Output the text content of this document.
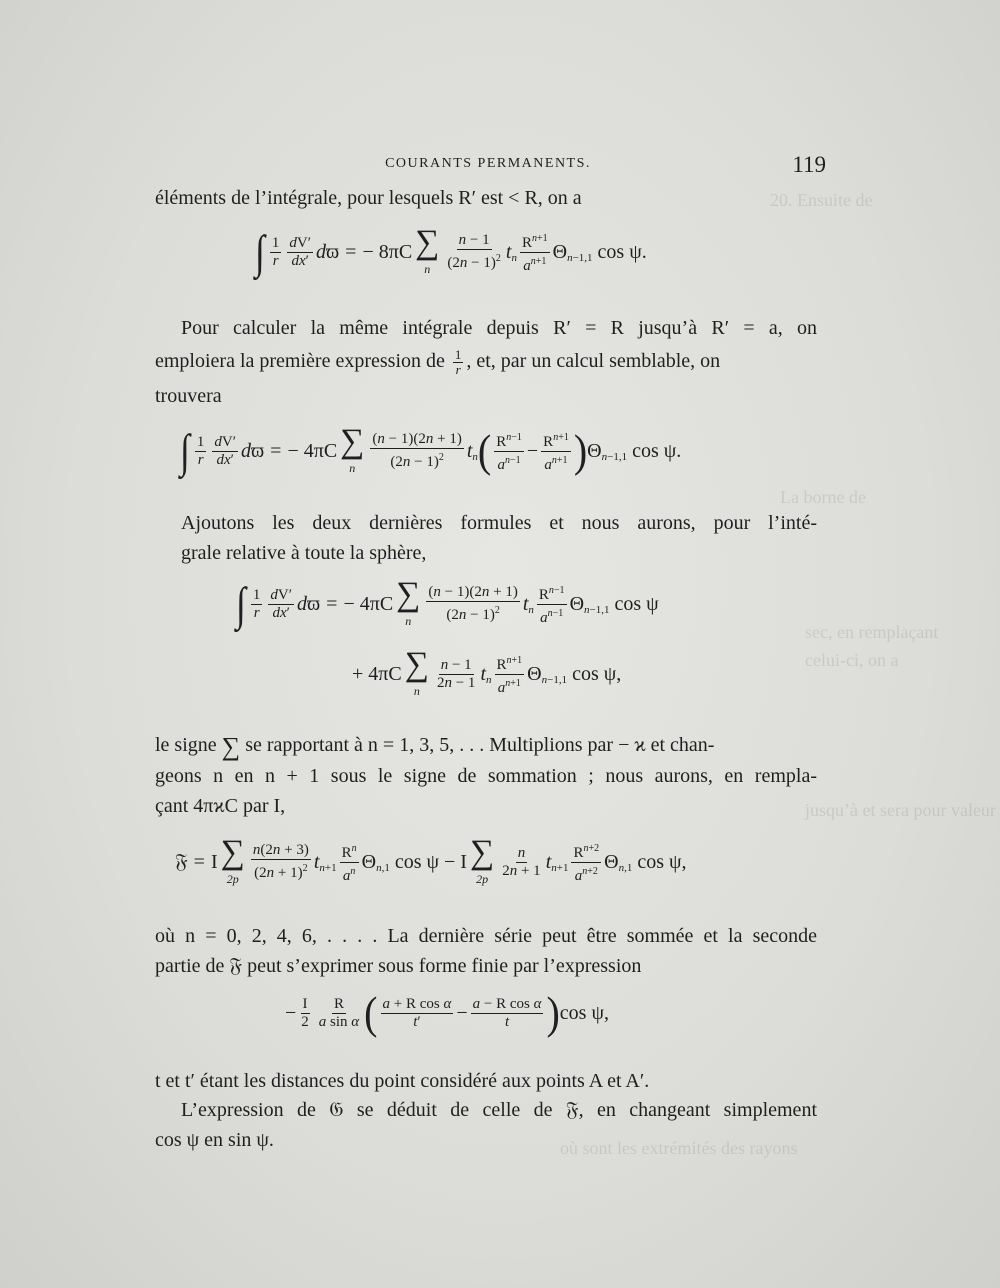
20. Ensuite de
La borne de
sec, en remplaçant
celui-ci, on a
jusqu’à et sera pour valeur
où sont les extrémités des rayons
COURANTS PERMANENTS.	119

éléments de l’intégrale, pour lesquels R′ est < R, on a

∫ $\frac{1}{r} \frac{dV'}{dx'}$ dϖ = − 8πC ∑
n $\frac{n - 1}{(2n - 1)^2} t_n \frac{R^{n+1}}{a^{n+1}} \Theta_{n-1,1}$ cos ψ.

Pour calculer la même intégrale depuis R′ = R jusqu’à R′ = a, on

emploiera la première expression de $\frac{1}{r}$ , et, par un calcul semblable, on

trouvera

∫ $\frac{1}{r} \frac{dV'}{dx'}$ dϖ = − 4πC ∑
n $\frac{(n - 1)(2n + 1)}{(2n - 1)^2} t_n$ ( $\frac{R^{n-1}}{a^{n-1}} - \frac{R^{n+1}}{a^{n+1}}$ ) $\Theta_{n-1,1}$ cos ψ.

Ajoutons les deux dernières formules et nous aurons, pour l’inté-
grale relative à toute la sphère,

∫ $\frac{1}{r} \frac{dV'}{dx'}$ dϖ = − 4πC ∑
n $\frac{(n - 1)(2n + 1)}{(2n - 1)^2} t_n \frac{R^{n-1}}{a^{n-1}} \Theta_{n-1,1}$ cos ψ
+ 4πC ∑
n $\frac{n - 1}{2n - 1} t_n \frac{R^{n+1}}{a^{n+1}} \Theta_{n-1,1}$ cos ψ,
le signe ∑ se rapportant à n = 1, 3, 5, . . . Multiplions par − ϰ et chan-

geons n en n + 1 sous le signe de sommation ; nous aurons, en rempla-
çant 4πϰC par I,

𝔉 = I ∑
$2p \frac{n(2n + 3)}{(2n + 1)^2} t_{n+1} \frac{R^n}{a^n} \Theta_{n,1}$ cos ψ − I ∑
$2p \frac{n}{2n + 1} t_{n+1} \frac{R^{n+2}}{a^{n+2}} \Theta_{n,1}$ cos ψ,

où n = 0, 2, 4, 6, . . . . La dernière série peut être sommée et la seconde
partie de 𝔉 peut s’exprimer sous forme finie par l’expression

− $\frac{I}{2} \frac{R}{\text{a sin α}}$ ( $\frac{\text{a + R cos α}}{t'} - \frac{\text{a − R cos α}}{t}$ ) cos ψ,

t et t′ étant les distances du point considéré aux points A et A′.

L’expression de 𝔊 se déduit de celle de 𝔉, en changeant simplement

cos ψ en sin ψ.
